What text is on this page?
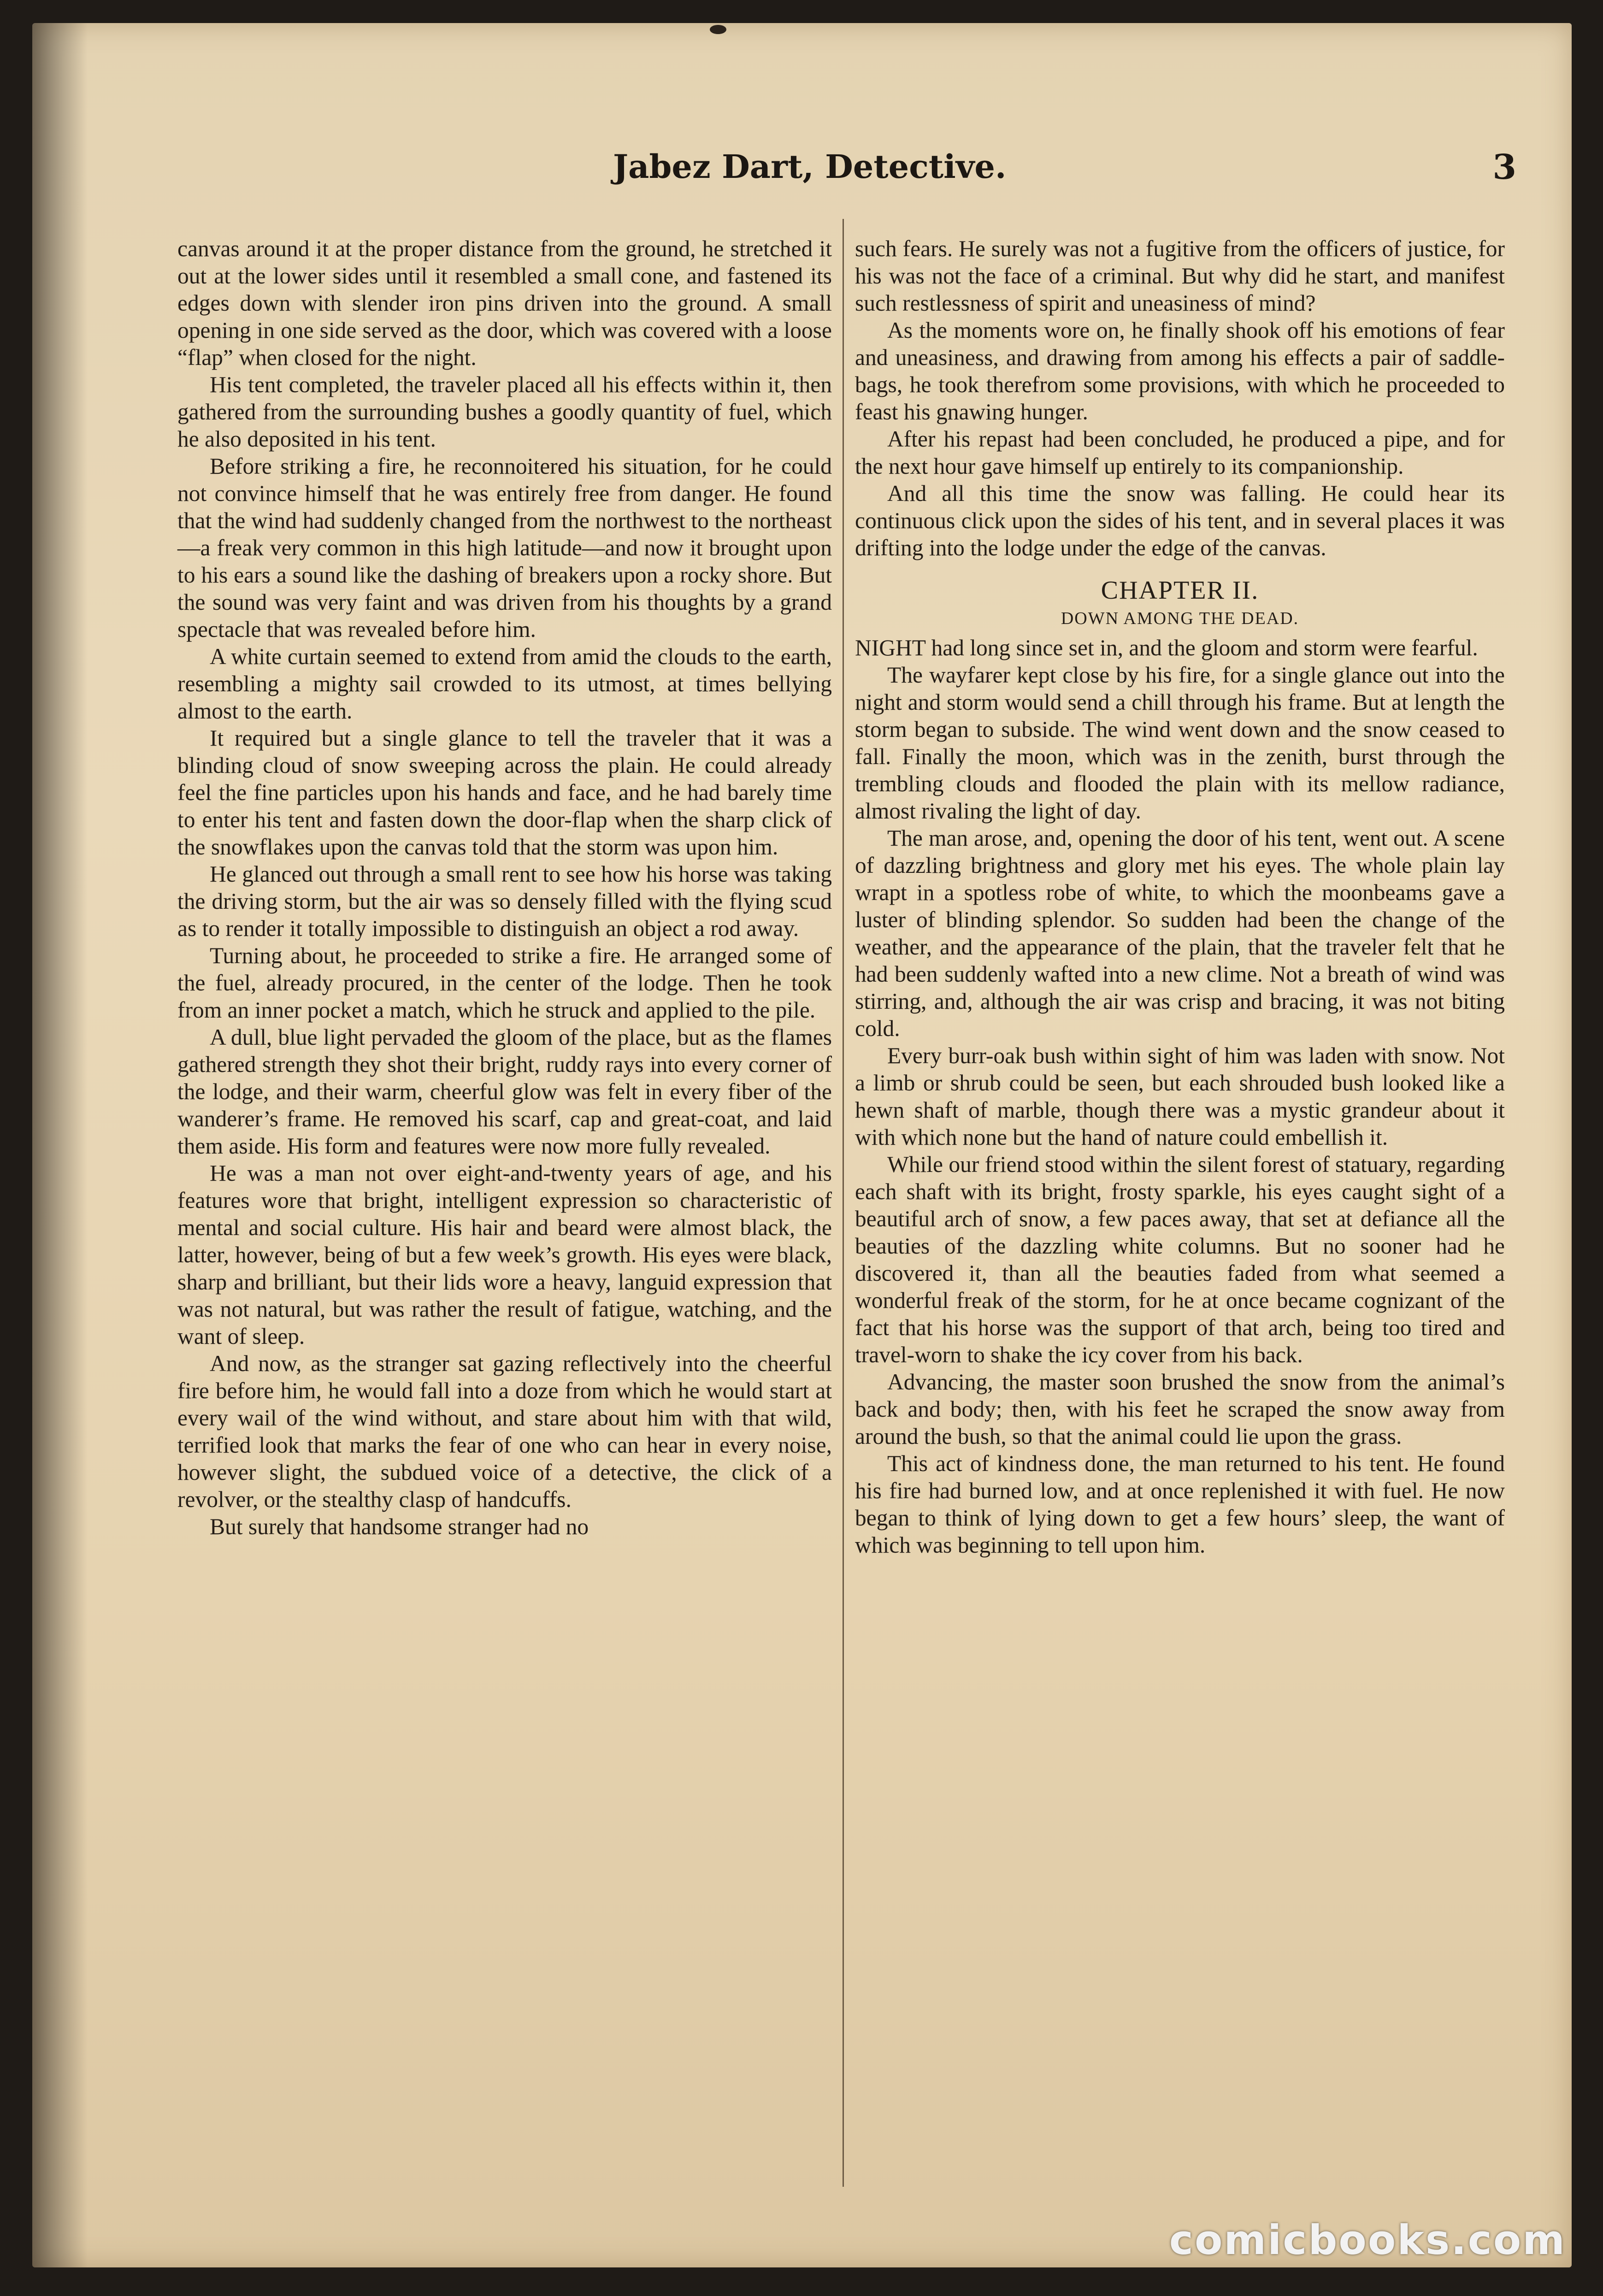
Jabez Dart, Detective.	3

canvas around it at the proper distance from the ground, he stretched it out at the lower sides until it resembled a small cone, and fastened its edges down with slender iron pins driven into the ground. A small opening in one side served as the door, which was covered with a loose “flap” when closed for the night.

His tent completed, the traveler placed all his effects within it, then gathered from the surrounding bushes a goodly quantity of fuel, which he also deposited in his tent.

Before striking a fire, he reconnoitered his situation, for he could not convince himself that he was entirely free from danger. He found that the wind had suddenly changed from the northwest to the northeast—a freak very common in this high latitude—and now it brought upon to his ears a sound like the dashing of breakers upon a rocky shore. But the sound was very faint and was driven from his thoughts by a grand spectacle that was revealed before him.

A white curtain seemed to extend from amid the clouds to the earth, resembling a mighty sail crowded to its utmost, at times bellying almost to the earth.

It required but a single glance to tell the traveler that it was a blinding cloud of snow sweeping across the plain. He could already feel the fine particles upon his hands and face, and he had barely time to enter his tent and fasten down the door-flap when the sharp click of the snowflakes upon the canvas told that the storm was upon him.

He glanced out through a small rent to see how his horse was taking the driving storm, but the air was so densely filled with the flying scud as to render it totally impossible to distinguish an object a rod away.

Turning about, he proceeded to strike a fire. He arranged some of the fuel, already procured, in the center of the lodge. Then he took from an inner pocket a match, which he struck and applied to the pile.

A dull, blue light pervaded the gloom of the place, but as the flames gathered strength they shot their bright, ruddy rays into every corner of the lodge, and their warm, cheerful glow was felt in every fiber of the wanderer’s frame. He removed his scarf, cap and great-coat, and laid them aside. His form and features were now more fully revealed.

He was a man not over eight-and-twenty years of age, and his features wore that bright, intelligent expression so characteristic of mental and social culture. His hair and beard were almost black, the latter, however, being of but a few week’s growth. His eyes were black, sharp and brilliant, but their lids wore a heavy, languid expression that was not natural, but was rather the result of fatigue, watching, and the want of sleep.

And now, as the stranger sat gazing reflectively into the cheerful fire before him, he would fall into a doze from which he would start at every wail of the wind without, and stare about him with that wild, terrified look that marks the fear of one who can hear in every noise, however slight, the subdued voice of a detective, the click of a revolver, or the stealthy clasp of handcuffs.

But surely that handsome stranger had no

such fears. He surely was not a fugitive from the officers of justice, for his was not the face of a criminal. But why did he start, and manifest such restlessness of spirit and uneasiness of mind?

As the moments wore on, he finally shook off his emotions of fear and uneasiness, and drawing from among his effects a pair of saddle-bags, he took therefrom some provisions, with which he proceeded to feast his gnawing hunger.

After his repast had been concluded, he produced a pipe, and for the next hour gave himself up entirely to its companionship.

And all this time the snow was falling. He could hear its continuous click upon the sides of his tent, and in several places it was drifting into the lodge under the edge of the canvas.

CHAPTER II.
DOWN AMONG THE DEAD.

NIGHT had long since set in, and the gloom and storm were fearful.

The wayfarer kept close by his fire, for a single glance out into the night and storm would send a chill through his frame. But at length the storm began to subside. The wind went down and the snow ceased to fall. Finally the moon, which was in the zenith, burst through the trembling clouds and flooded the plain with its mellow radiance, almost rivaling the light of day.

The man arose, and, opening the door of his tent, went out. A scene of dazzling brightness and glory met his eyes. The whole plain lay wrapt in a spotless robe of white, to which the moonbeams gave a luster of blinding splendor. So sudden had been the change of the weather, and the appearance of the plain, that the traveler felt that he had been suddenly wafted into a new clime. Not a breath of wind was stirring, and, although the air was crisp and bracing, it was not biting cold.

Every burr-oak bush within sight of him was laden with snow. Not a limb or shrub could be seen, but each shrouded bush looked like a hewn shaft of marble, though there was a mystic grandeur about it with which none but the hand of nature could embellish it.

While our friend stood within the silent forest of statuary, regarding each shaft with its bright, frosty sparkle, his eyes caught sight of a beautiful arch of snow, a few paces away, that set at defiance all the beauties of the dazzling white columns. But no sooner had he discovered it, than all the beauties faded from what seemed a wonderful freak of the storm, for he at once became cognizant of the fact that his horse was the support of that arch, being too tired and travel-worn to shake the icy cover from his back.

Advancing, the master soon brushed the snow from the animal’s back and body; then, with his feet he scraped the snow away from around the bush, so that the animal could lie upon the grass.

This act of kindness done, the man returned to his tent. He found his fire had burned low, and at once replenished it with fuel. He now began to think of lying down to get a few hours’ sleep, the want of which was beginning to tell upon him.

comicbooks.com
